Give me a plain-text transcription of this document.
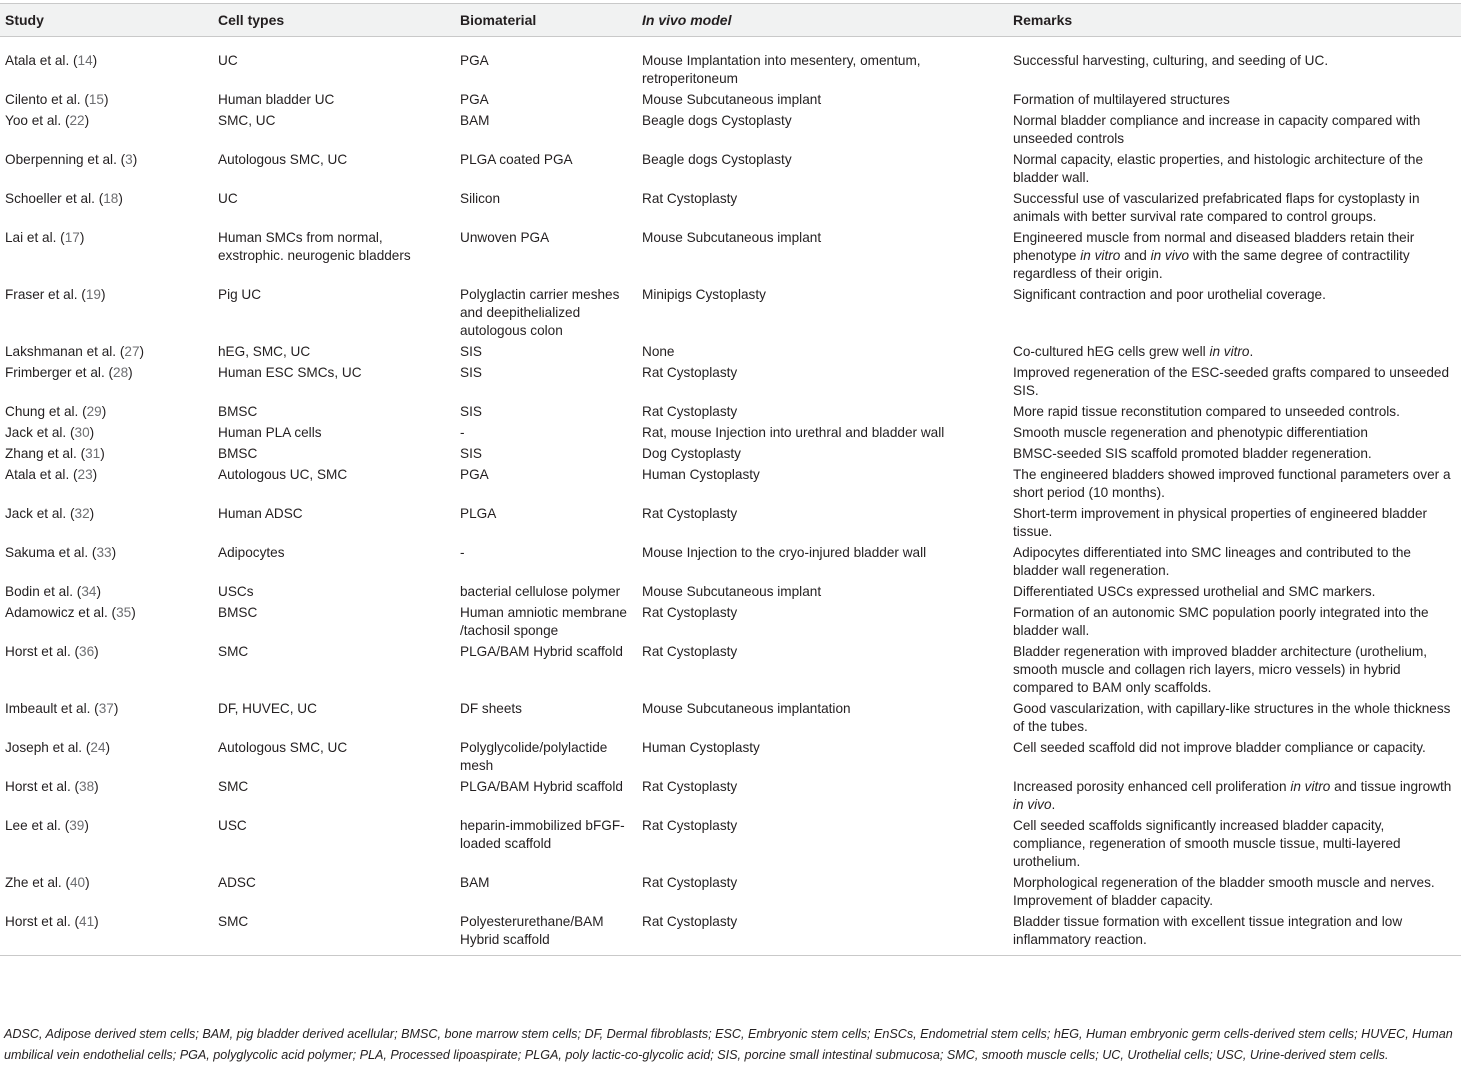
Study	Cell types	Biomaterial	In vivo model	Remarks
Atala et al. (14)	UC	PGA	Mouse Implantation into mesentery, omentum, retroperitoneum	Successful harvesting, culturing, and seeding of UC.
Cilento et al. (15)	Human bladder UC	PGA	Mouse Subcutaneous implant	Formation of multilayered structures
Yoo et al. (22)	SMC, UC	BAM	Beagle dogs Cystoplasty	Normal bladder compliance and increase in capacity compared with unseeded controls
Oberpenning et al. (3)	Autologous SMC, UC	PLGA coated PGA	Beagle dogs Cystoplasty	Normal capacity, elastic properties, and histologic architecture of the bladder wall.
Schoeller et al. (18)	UC	Silicon	Rat Cystoplasty	Successful use of vascularized prefabricated flaps for cystoplasty in animals with better survival rate compared to control groups.
Lai et al. (17)	Human SMCs from normal, exstrophic. neurogenic bladders	Unwoven PGA	Mouse Subcutaneous implant	Engineered muscle from normal and diseased bladders retain their phenotype in vitro and in vivo with the same degree of contractility regardless of their origin.
Fraser et al. (19)	Pig UC	Polyglactin carrier meshes and deepithelialized autologous colon	Minipigs Cystoplasty	Significant contraction and poor urothelial coverage.
Lakshmanan et al. (27)	hEG, SMC, UC	SIS	None	Co-cultured hEG cells grew well in vitro.
Frimberger et al. (28)	Human ESC SMCs, UC	SIS	Rat Cystoplasty	Improved regeneration of the ESC-seeded grafts compared to unseeded SIS.
Chung et al. (29)	BMSC	SIS	Rat Cystoplasty	More rapid tissue reconstitution compared to unseeded controls.
Jack et al. (30)	Human PLA cells	-	Rat, mouse Injection into urethral and bladder wall	Smooth muscle regeneration and phenotypic differentiation
Zhang et al. (31)	BMSC	SIS	Dog Cystoplasty	BMSC-seeded SIS scaffold promoted bladder regeneration.
Atala et al. (23)	Autologous UC, SMC	PGA	Human Cystoplasty	The engineered bladders showed improved functional parameters over a short period (10 months).
Jack et al. (32)	Human ADSC	PLGA	Rat Cystoplasty	Short-term improvement in physical properties of engineered bladder tissue.
Sakuma et al. (33)	Adipocytes	-	Mouse Injection to the cryo-injured bladder wall	Adipocytes differentiated into SMC lineages and contributed to the bladder wall regeneration.
Bodin et al. (34)	USCs	bacterial cellulose polymer	Mouse Subcutaneous implant	Differentiated USCs expressed urothelial and SMC markers.
Adamowicz et al. (35)	BMSC	Human amniotic membrane /tachosil sponge	Rat Cystoplasty	Formation of an autonomic SMC population poorly integrated into the bladder wall.
Horst et al. (36)	SMC	PLGA/BAM Hybrid scaffold	Rat Cystoplasty	Bladder regeneration with improved bladder architecture (urothelium, smooth muscle and collagen rich layers, micro vessels) in hybrid compared to BAM only scaffolds.
Imbeault et al. (37)	DF, HUVEC, UC	DF sheets	Mouse Subcutaneous implantation	Good vascularization, with capillary-like structures in the whole thickness of the tubes.
Joseph et al. (24)	Autologous SMC, UC	Polyglycolide/polylactide mesh	Human Cystoplasty	Cell seeded scaffold did not improve bladder compliance or capacity.
Horst et al. (38)	SMC	PLGA/BAM Hybrid scaffold	Rat Cystoplasty	Increased porosity enhanced cell proliferation in vitro and tissue ingrowth in vivo.
Lee et al. (39)	USC	heparin-immobilized bFGF-loaded scaffold	Rat Cystoplasty	Cell seeded scaffolds significantly increased bladder capacity, compliance, regeneration of smooth muscle tissue, multi-layered urothelium.
Zhe et al. (40)	ADSC	BAM	Rat Cystoplasty	Morphological regeneration of the bladder smooth muscle and nerves. Improvement of bladder capacity.
Horst et al. (41)	SMC	Polyesterurethane/BAM Hybrid scaffold	Rat Cystoplasty	Bladder tissue formation with excellent tissue integration and low inflammatory reaction.
ADSC, Adipose derived stem cells; BAM, pig bladder derived acellular; BMSC, bone marrow stem cells; DF, Dermal fibroblasts; ESC, Embryonic stem cells; EnSCs, Endometrial stem cells; hEG, Human embryonic germ cells-derived stem cells; HUVEC, Human umbilical vein endothelial cells; PGA, polyglycolic acid polymer; PLA, Processed lipoaspirate; PLGA, poly lactic-co-glycolic acid; SIS, porcine small intestinal submucosa; SMC, smooth muscle cells; UC, Urothelial cells; USC, Urine-derived stem cells.
